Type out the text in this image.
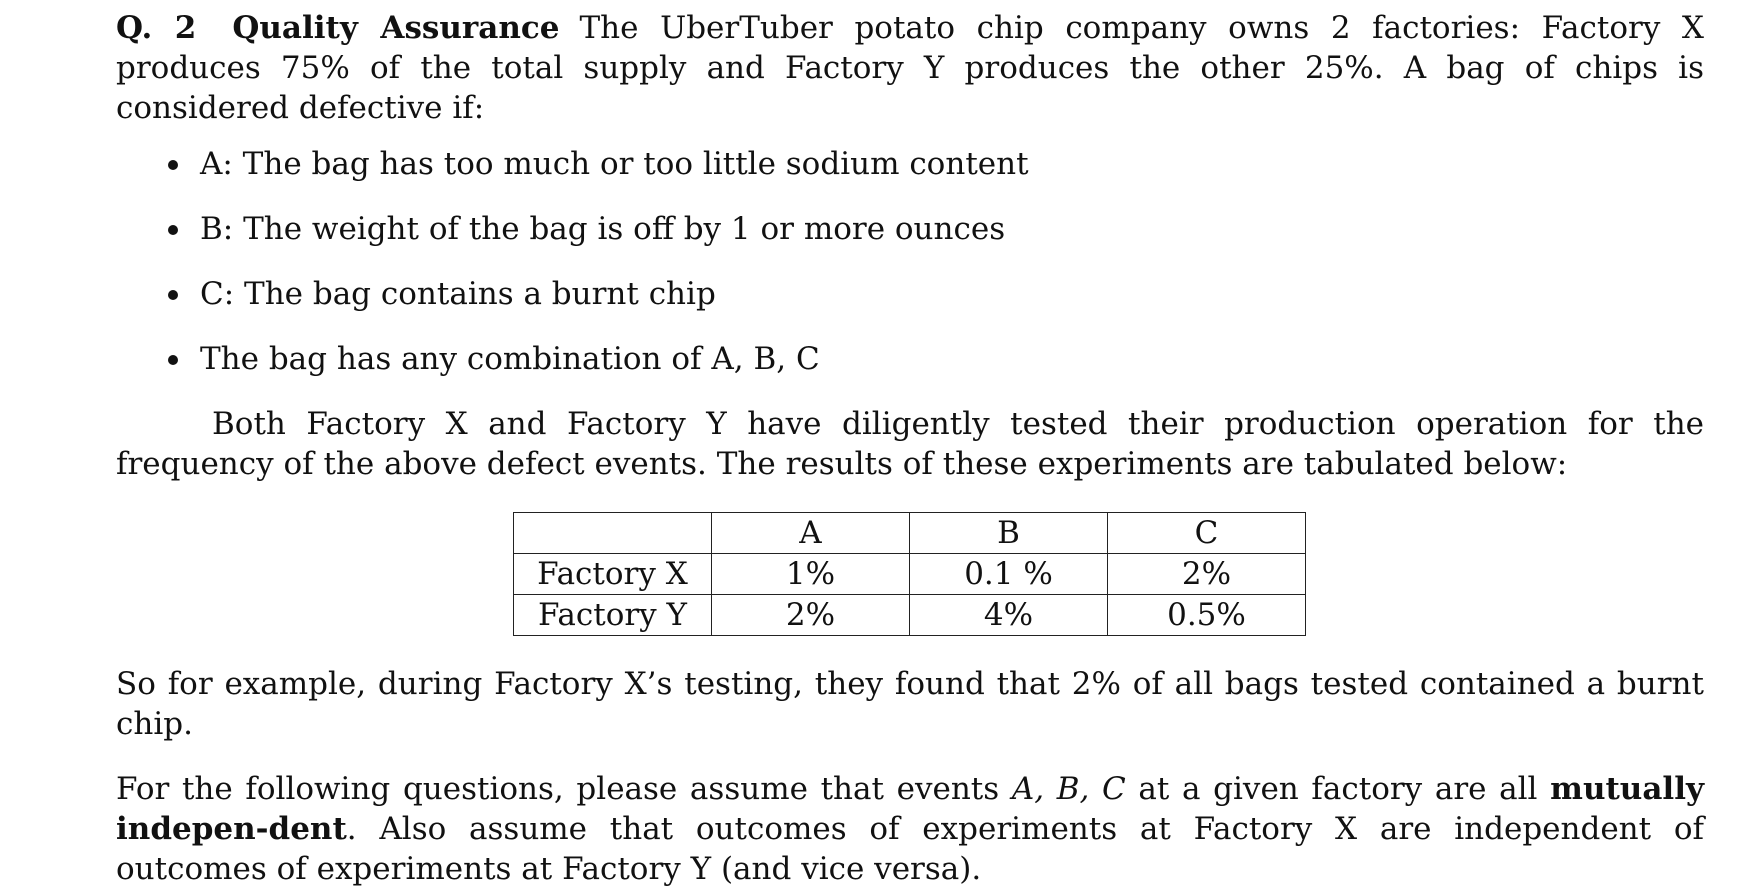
Q. 2 Quality Assurance The UberTuber potato chip company owns 2 factories: Factory X produces 75% of the total supply and Factory Y produces the other 25%. A bag of chips is considered defective if:

A: The bag has too much or too little sodium content
B: The weight of the bag is off by 1 or more ounces
C: The bag contains a burnt chip
The bag has any combination of A, B, C

Both Factory X and Factory Y have diligently tested their production operation for the frequency of the above defect events. The results of these experiments are tabulated below:

	A	B	C
Factory X	1%	0.1 %	2%
Factory Y	2%	4%	0.5%

So for example, during Factory X’s testing, they found that 2% of all bags tested contained a burnt chip.

For the following questions, please assume that events A, B, C at a given factory are all mutually indepen-dent. Also assume that outcomes of experiments at Factory X are independent of outcomes of experiments at Factory Y (and vice versa).
